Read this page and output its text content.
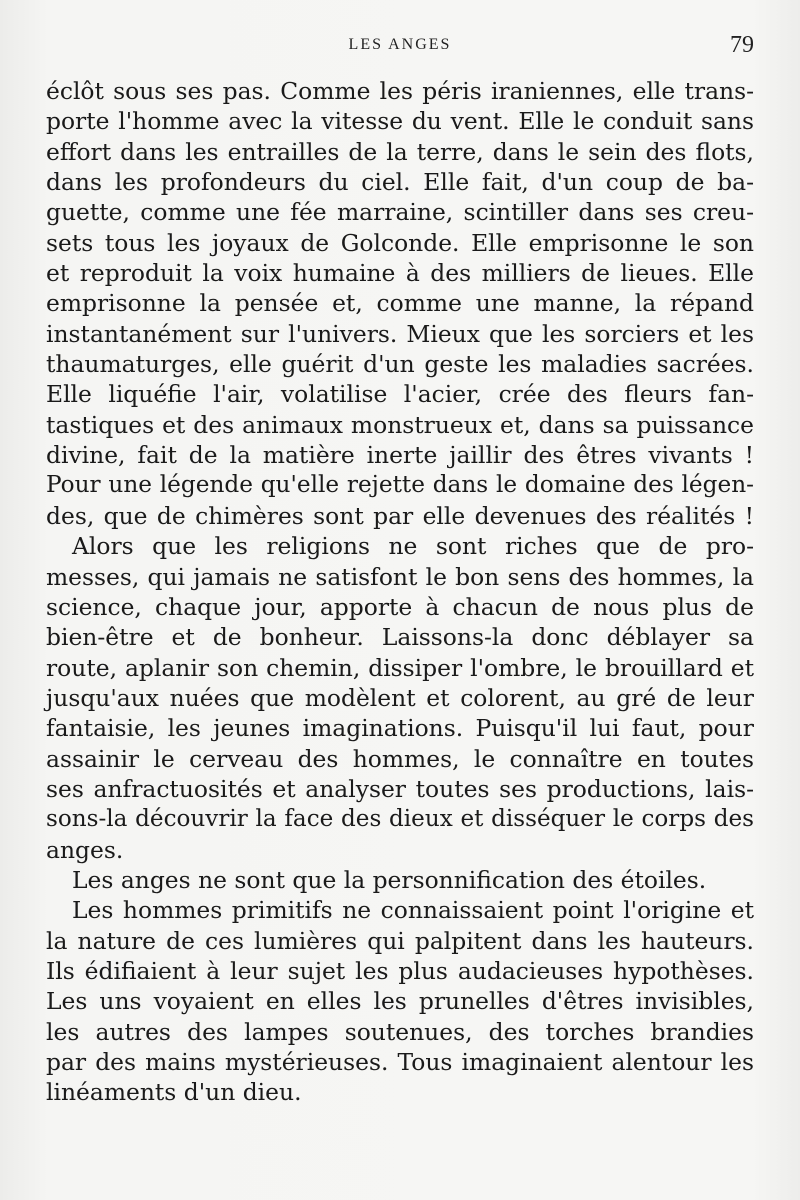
LES ANGES	79
éclôt sous ses pas. Comme les péris iraniennes, elle trans-
porte l'homme avec la vitesse du vent. Elle le conduit sans
effort dans les entrailles de la terre, dans le sein des flots,
dans les profondeurs du ciel. Elle fait, d'un coup de ba-
guette, comme une fée marraine, scintiller dans ses creu-
sets tous les joyaux de Golconde. Elle emprisonne le son
et reproduit la voix humaine à des milliers de lieues. Elle
emprisonne la pensée et, comme une manne, la répand
instantanément sur l'univers. Mieux que les sorciers et les
thaumaturges, elle guérit d'un geste les maladies sacrées.
Elle liquéfie l'air, volatilise l'acier, crée des fleurs fan-
tastiques et des animaux monstrueux et, dans sa puissance
divine, fait de la matière inerte jaillir des êtres vivants !
Pour une légende qu'elle rejette dans le domaine des légen-
des, que de chimères sont par elle devenues des réalités !
Alors que les religions ne sont riches que de pro-
messes, qui jamais ne satisfont le bon sens des hommes, la
science, chaque jour, apporte à chacun de nous plus de
bien-être et de bonheur. Laissons-la donc déblayer sa
route, aplanir son chemin, dissiper l'ombre, le brouillard et
jusqu'aux nuées que modèlent et colorent, au gré de leur
fantaisie, les jeunes imaginations. Puisqu'il lui faut, pour
assainir le cerveau des hommes, le connaître en toutes
ses anfractuosités et analyser toutes ses productions, lais-
sons-la découvrir la face des dieux et disséquer le corps des
anges.
Les anges ne sont que la personnification des étoiles.
Les hommes primitifs ne connaissaient point l'origine et
la nature de ces lumières qui palpitent dans les hauteurs.
Ils édifiaient à leur sujet les plus audacieuses hypothèses.
Les uns voyaient en elles les prunelles d'êtres invisibles,
les autres des lampes soutenues, des torches brandies
par des mains mystérieuses. Tous imaginaient alentour les
linéaments d'un dieu.
